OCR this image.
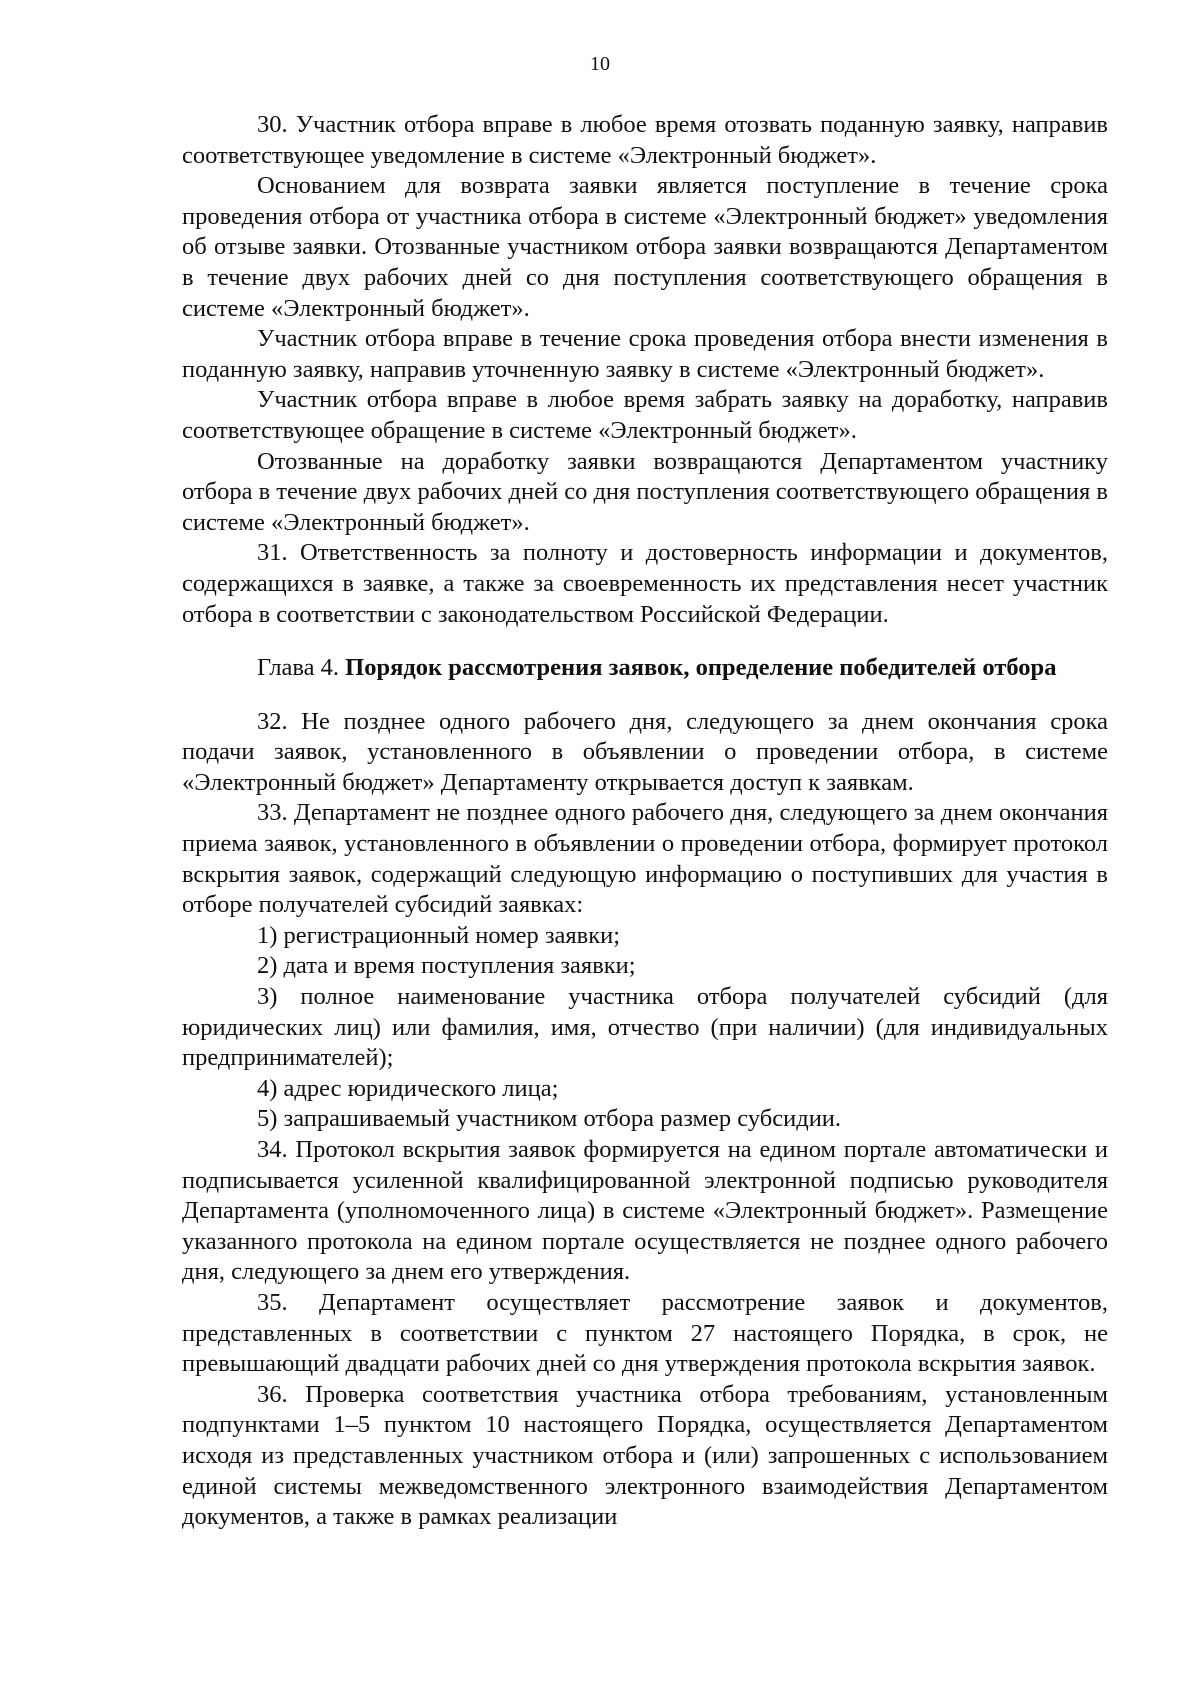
10

30. Участник отбора вправе в любое время отозвать поданную заявку, направив соответствующее уведомление в системе «Электронный бюджет».

Основанием для возврата заявки является поступление в течение срока проведения отбора от участника отбора в системе «Электронный бюджет» уведомления об отзыве заявки. Отозванные участником отбора заявки возвращаются Департаментом в течение двух рабочих дней со дня поступления соответствующего обращения в системе «Электронный бюджет».

Участник отбора вправе в течение срока проведения отбора внести изменения в поданную заявку, направив уточненную заявку в системе «Электронный бюджет».

Участник отбора вправе в любое время забрать заявку на доработку, направив соответствующее обращение в системе «Электронный бюджет».

Отозванные на доработку заявки возвращаются Департаментом участнику отбора в течение двух рабочих дней со дня поступления соответствующего обращения в системе «Электронный бюджет».

31. Ответственность за полноту и достоверность информации и документов, содержащихся в заявке, а также за своевременность их представления несет участник отбора в соответствии с законодательством Российской Федерации.

Глава 4. Порядок рассмотрения заявок, определение победителей отбора

32. Не позднее одного рабочего дня, следующего за днем окончания срока подачи заявок, установленного в объявлении о проведении отбора, в системе «Электронный бюджет» Департаменту открывается доступ к заявкам.

33. Департамент не позднее одного рабочего дня, следующего за днем окончания приема заявок, установленного в объявлении о проведении отбора, формирует протокол вскрытия заявок, содержащий следующую информацию о поступивших для участия в отборе получателей субсидий заявках:

1) регистрационный номер заявки;

2) дата и время поступления заявки;

3) полное наименование участника отбора получателей субсидий (для юридических лиц) или фамилия, имя, отчество (при наличии) (для индивидуальных предпринимателей);

4) адрес юридического лица;

5) запрашиваемый участником отбора размер субсидии.

34. Протокол вскрытия заявок формируется на едином портале автоматически и подписывается усиленной квалифицированной электронной подписью руководителя Департамента (уполномоченного лица) в системе «Электронный бюджет». Размещение указанного протокола на едином портале осуществляется не позднее одного рабочего дня, следующего за днем его утверждения.

35. Департамент осуществляет рассмотрение заявок и документов, представленных в соответствии с пунктом 27 настоящего Порядка, в срок, не превышающий двадцати рабочих дней со дня утверждения протокола вскрытия заявок.

36. Проверка соответствия участника отбора требованиям, установленным подпунктами 1–5 пунктом 10 настоящего Порядка, осуществляется Департаментом исходя из представленных участником отбора и (или) запрошенных с использованием единой системы межведомственного электронного взаимодействия Департаментом документов, а также в рамках реализации
